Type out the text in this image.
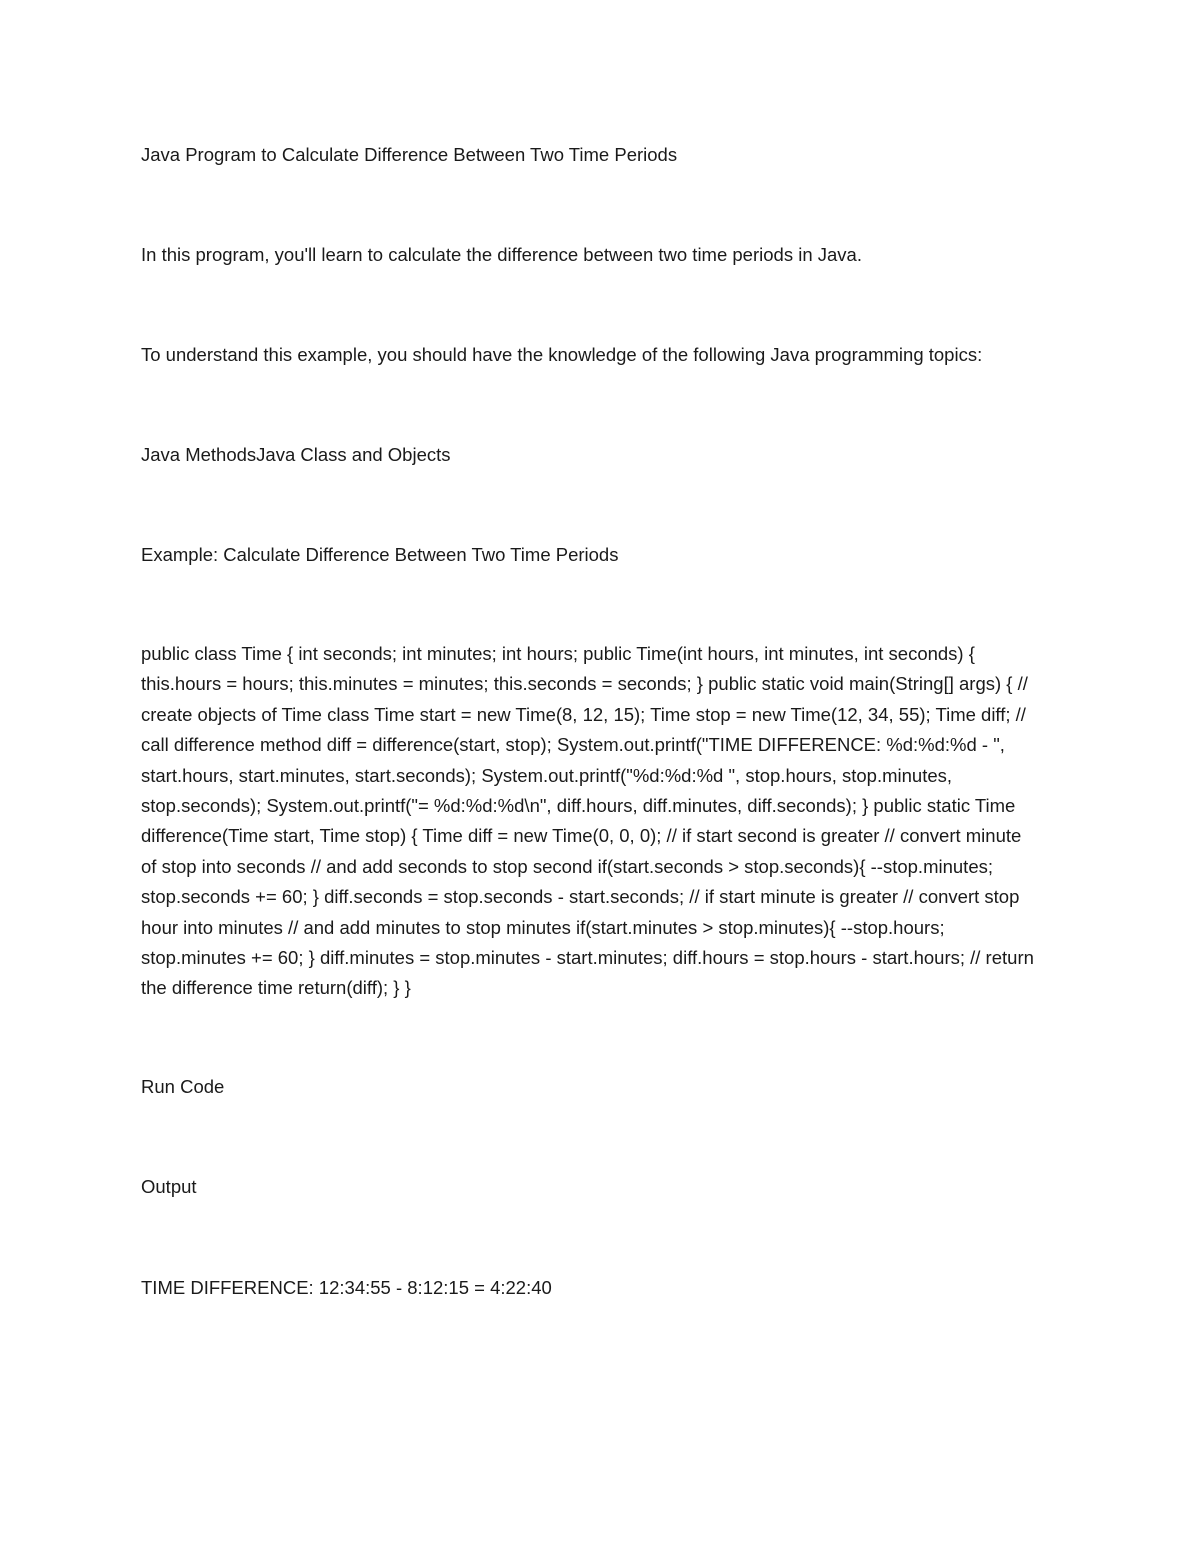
Java Program to Calculate Difference Between Two Time Periods

In this program, you'll learn to calculate the difference between two time periods in Java.

To understand this example, you should have the knowledge of the following Java programming topics:

Java MethodsJava Class and Objects

Example: Calculate Difference Between Two Time Periods

public class Time { int seconds; int minutes; int hours; public Time(int hours, int minutes, int seconds) { this.hours = hours; this.minutes = minutes; this.seconds = seconds; } public static void main(String[] args) { // create objects of Time class Time start = new Time(8, 12, 15); Time stop = new Time(12, 34, 55); Time diff; // call difference method diff = difference(start, stop); System.out.printf("TIME DIFFERENCE: %d:%d:%d - ", start.hours, start.minutes, start.seconds); System.out.printf("%d:%d:%d ", stop.hours, stop.minutes, stop.seconds); System.out.printf("= %d:%d:%d\n", diff.hours, diff.minutes, diff.seconds); } public static Time difference(Time start, Time stop) { Time diff = new Time(0, 0, 0); // if start second is greater // convert minute of stop into seconds // and add seconds to stop second if(start.seconds > stop.seconds){ --stop.minutes; stop.seconds += 60; } diff.seconds = stop.seconds - start.seconds; // if start minute is greater // convert stop hour into minutes // and add minutes to stop minutes if(start.minutes > stop.minutes){ --stop.hours; stop.minutes += 60; } diff.minutes = stop.minutes - start.minutes; diff.hours = stop.hours - start.hours; // return the difference time return(diff); } }

Run Code

Output

TIME DIFFERENCE: 12:34:55 - 8:12:15 = 4:22:40
